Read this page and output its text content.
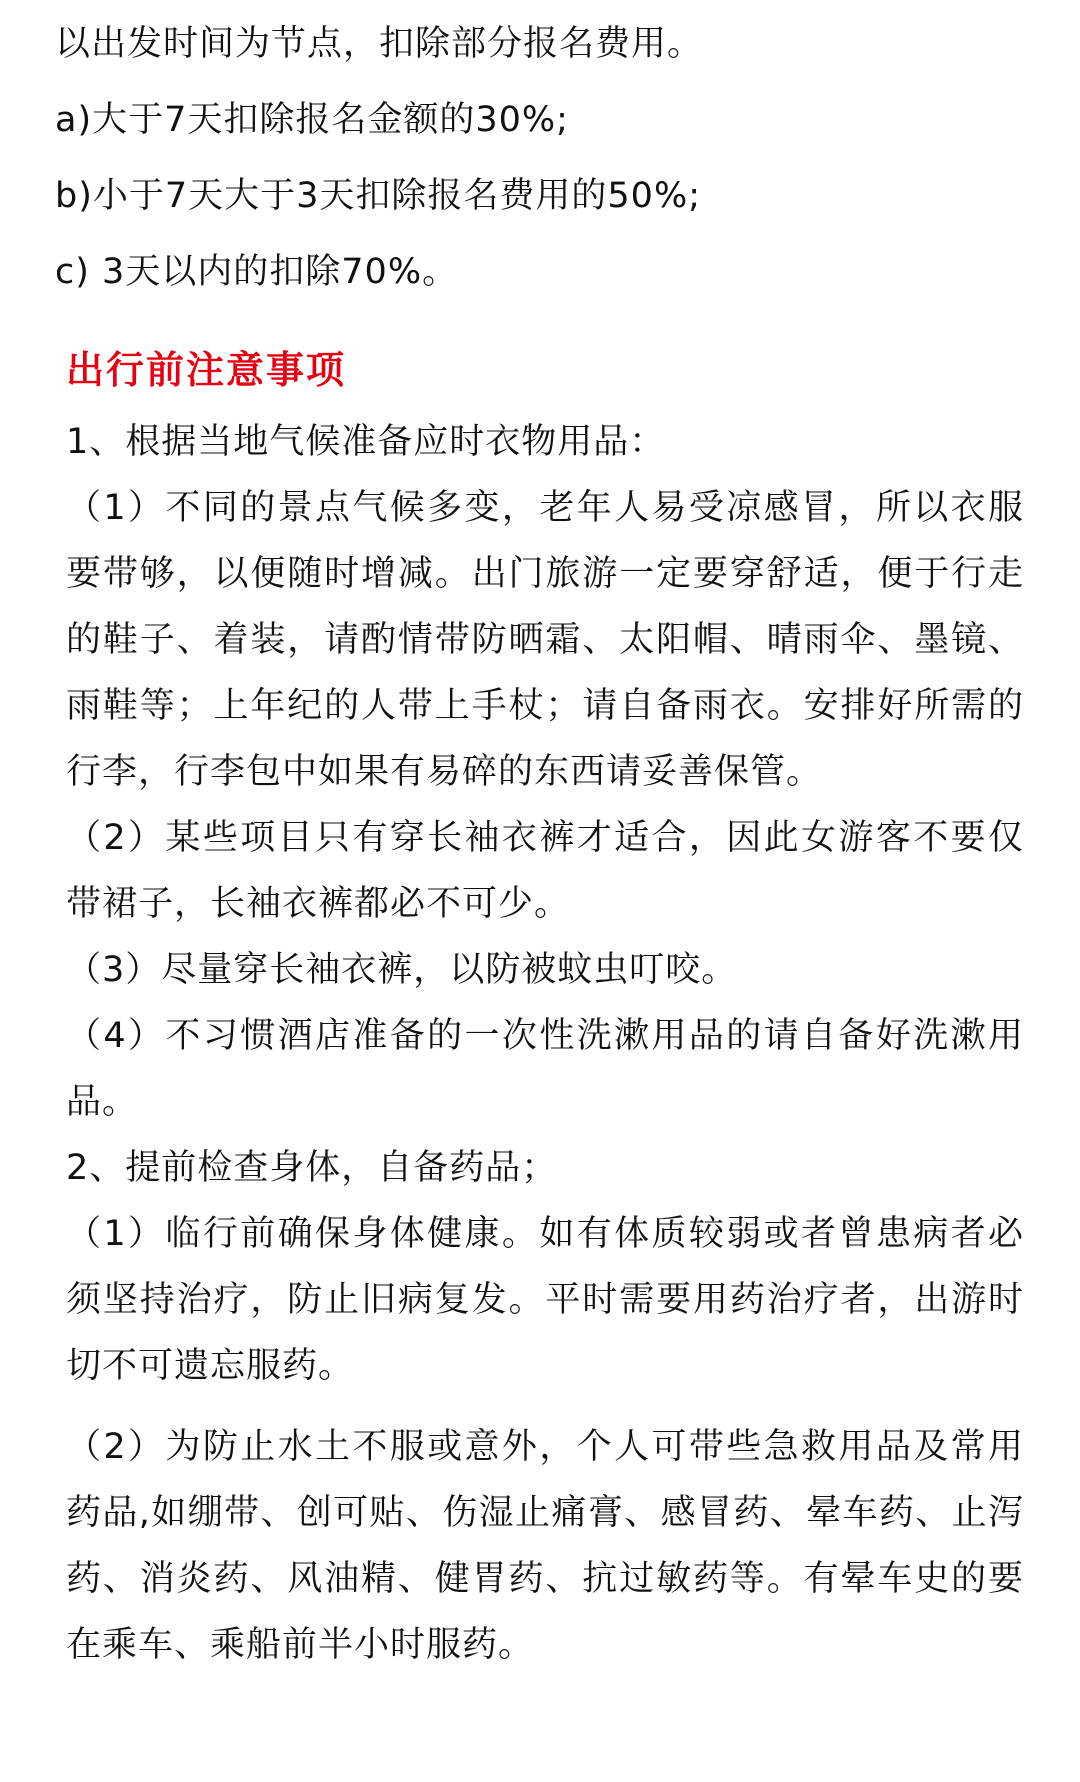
以出发时间为节点，扣除部分报名费用。
a)大于7天扣除报名金额的30%;
b)小于7天大于3天扣除报名费用的50%;
c) 3天以内的扣除70%。
出行前注意事项
1、根据当地气候准备应时衣物用品：
（1）不同的景点气候多变，老年人易受凉感冒，所以衣服
要带够，以便随时增减。出门旅游一定要穿舒适，便于行走
的鞋子、着装，请酌情带防晒霜、太阳帽、晴雨伞、墨镜、
雨鞋等；上年纪的人带上手杖；请自备雨衣。安排好所需的
行李，行李包中如果有易碎的东西请妥善保管。
（2）某些项目只有穿长袖衣裤才适合，因此女游客不要仅
带裙子，长袖衣裤都必不可少。
（3）尽量穿长袖衣裤，以防被蚊虫叮咬。
（4）不习惯酒店准备的一次性洗漱用品的请自备好洗漱用
品。
2、提前检查身体，自备药品；
（1）临行前确保身体健康。如有体质较弱或者曾患病者必
须坚持治疗，防止旧病复发。平时需要用药治疗者，出游时
切不可遗忘服药。
（2）为防止水土不服或意外，个人可带些急救用品及常用
药品,如绷带、创可贴、伤湿止痛膏、感冒药、晕车药、止泻
药、消炎药、风油精、健胃药、抗过敏药等。有晕车史的要
在乘车、乘船前半小时服药。
